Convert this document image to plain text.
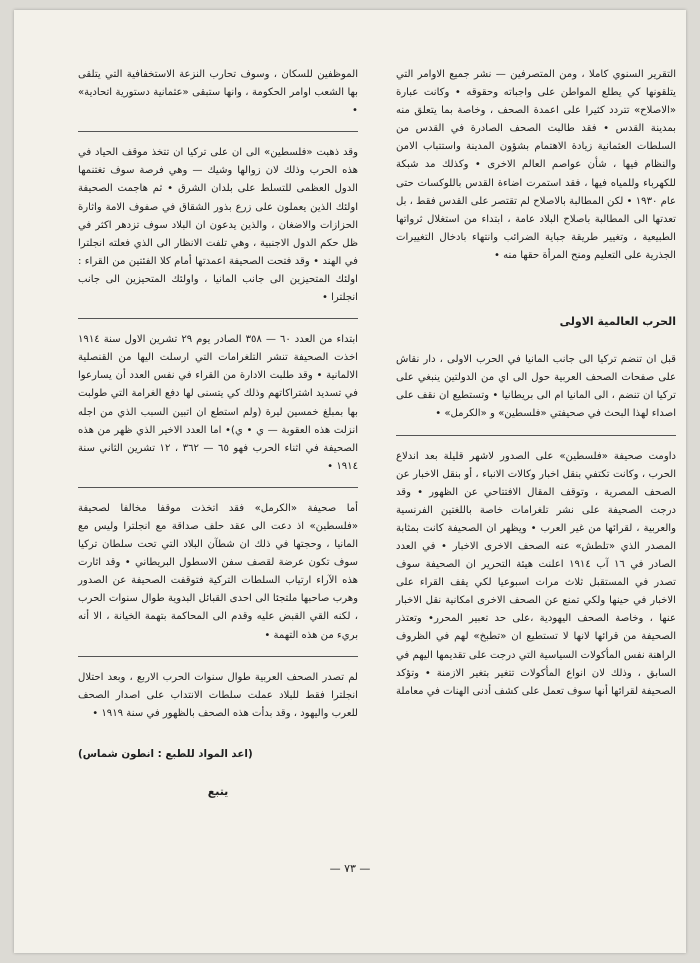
التقرير السنوي كاملا ، ومن المتصرفين — نشر جميع الاوامر التي يتلقونها كي يطلع المواطن على واجباته وحقوقه • وكانت عبارة «الاصلاح» تتردد كثيرا على اعمدة الصحف ، وخاصة بما يتعلق منه بمدينة القدس • فقد طالبت الصحف الصادرة في القدس من السلطات العثمانية زيادة الاهتمام بشؤون المدينة واستتباب الامن والنظام فيها ، شأن عواصم العالم الاخرى • وكذلك مد شبكة للكهرباء وللمياه فيها ، فقد استمرت اضاءة القدس باللوكسات حتى عام ١٩٣٠ • لكن المطالبة بالاصلاح لم تقتصر على القدس فقط ، بل تعدتها الى المطالبة باصلاح البلاد عامة ، ابتداء من استغلال ثرواتها الطبيعية ، وتغيير طريقة جباية الضرائب وانتهاء بادخال التغييرات الجذرية على التعليم ومنح المرأة حقها منه •

الحرب العالمية الاولى

قبل ان تنضم تركيا الى جانب المانيا في الحرب الاولى ، دار نقاش على صفحات الصحف العربية حول الى اي من الدولتين ينبغي على تركيا ان تنضم ، الى المانيا ام الى بريطانيا • وتستطيع ان نقف على اصداء لهذا البحث في صحيفتي «فلسطين» و «الكرمل» •

داومت صحيفة «فلسطين» على الصدور لاشهر قليلة بعد اندلاع الحرب ، وكانت تكتفي بنقل اخبار وكالات الانباء ، أو بنقل الاخبار عن الصحف المصرية ، وتوقف المقال الافتتاحي عن الظهور • وقد درجت الصحيفة على نشر تلغرامات خاصة باللغتين الفرنسية والعربية ، لقرائها من غير العرب • ويظهر ان الصحيفة كانت بمثابة المصدر الذي «تلطش» عنه الصحف الاخرى الاخبار • في العدد الصادر في ١٦ آب ١٩١٤ اعلنت هيئة التحرير ان الصحيفة سوف تصدر في المستقبل ثلاث مرات اسبوعيا لكي يقف القراء على الاخبار في حينها ولكي تمنع عن الصحف الاخرى امكانية نقل الاخبار عنها ، وخاصة الصحف اليهودية ،على حد تعبير المحرر• وتعتذر الصحيفة من قرائها لانها لا تستطيع ان «تطبخ» لهم في الظروف الراهنة نفس المأكولات السياسية التي درجت على تقديمها اليهم في السابق ، وذلك لان انواع المأكولات تتغير بتغير الازمنة • وتؤكد الصحيفة لقرائها أنها سوف تعمل على كشف أدنى الهنات في معاملة

الموظفين للسكان ، وسوف تحارب النزعة الاستخفافية التي يتلقى بها الشعب اوامر الحكومة ، وانها ستبقى «عثمانية دستورية اتحادية» •

وقد ذهبت «فلسطين» الى ان على تركيا ان تتخذ موقف الحياد في هذه الحرب وذلك لان زوالها وشيك — وهي فرصة سوف تغتنمها الدول العظمى للتسلط على بلدان الشرق • ثم هاجمت الصحيفة اولئك الذين يعملون على زرع بذور الشقاق في صفوف الامة واثارة الحزازات والاضغان ، والذين يدعون ان البلاد سوف تزدهر اكثر في ظل حكم الدول الاجنبية ، وهي تلفت الانظار الى الذي فعلته انجلترا في الهند • وقد فتحت الصحيفة اعمدتها أمام كلا الفئتين من القراء : اولئك المتحيزين الى جانب المانيا ، واولئك المتحيزين الى جانب انجلترا •

ابتداء من العدد ٦٠ — ٣٥٨ الصادر يوم ٢٩ تشرين الاول سنة ١٩١٤ اخذت الصحيفة تنشر التلغرامات التي ارسلت اليها من القنصلية الالمانية • وقد طلبت الادارة من القراء في نفس العدد أن يسارعوا في تسديد اشتراكاتهم وذلك كي يتسنى لها دفع الغرامة التي طولبت بها بمبلغ خمسين ليرة (ولم استطع ان اتبين السبب الذي من اجله انزلت هذه العقوبة — ي • ي)• اما العدد الاخير الذي ظهر من هذه الصحيفة في اثناء الحرب فهو ٦٥ — ٣٦٢ ، ١٢ تشرين الثاني سنة ١٩١٤ •

أما صحيفة «الكرمل» فقد اتخذت موقفا مخالفا لصحيفة «فلسطين» اذ دعت الى عقد حلف صداقة مع انجلترا وليس مع المانيا ، وحجتها في ذلك ان شطآن البلاد التي تحت سلطان تركيا سوف تكون عرضة لقصف سفن الاسطول البريطاني • وقد اثارت هذه الآراء ارتياب السلطات التركية فتوقفت الصحيفة عن الصدور وهرب صاحبها ملتجئا الى احدى القبائل البدوية طوال سنوات الحرب ، لكنه القي القبض عليه وقدم الى المحاكمة بتهمة الخيانة ، الا أنه بريء من هذه التهمة •

لم تصدر الصحف العربية طوال سنوات الحرب الاربع ، وبعد احتلال انجلترا فقط للبلاد عملت سلطات الانتداب على اصدار الصحف للعرب واليهود ، وقد بدأت هذه الصحف بالظهور في سنة ١٩١٩ •

(اعد المواد للطبع : انطون شماس)

يتبع

— ٧٣ —
